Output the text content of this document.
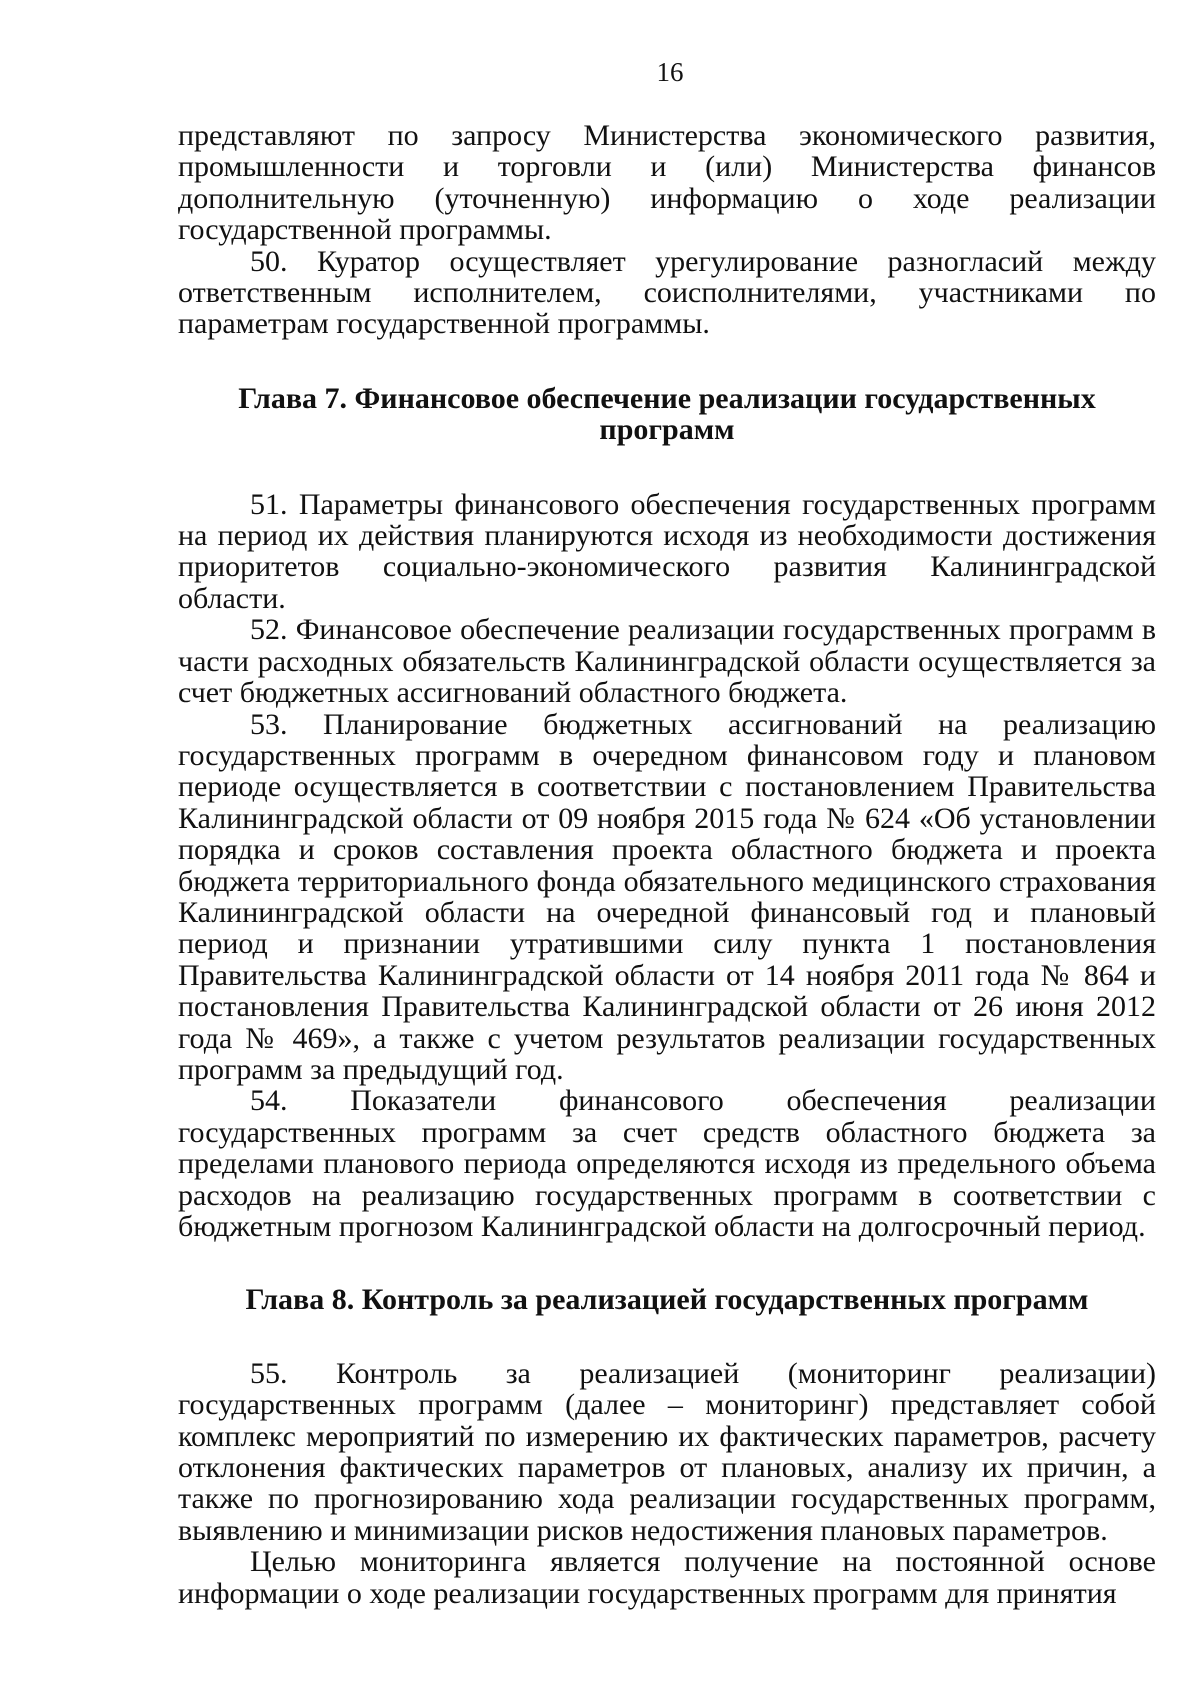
16

представляют по запросу Министерства экономического развития, промышленности и торговли и (или) Министерства финансов дополнительную (уточненную) информацию о ходе реализации государственной программы.

50. Куратор осуществляет урегулирование разногласий между ответственным исполнителем, соисполнителями, участниками по параметрам государственной программы.

Глава 7. Финансовое обеспечение реализации государственных программ

51. Параметры финансового обеспечения государственных программ на период их действия планируются исходя из необходимости достижения приоритетов социально-экономического развития Калининградской области.

52. Финансовое обеспечение реализации государственных программ в части расходных обязательств Калининградской области осуществляется за счет бюджетных ассигнований областного бюджета.

53. Планирование бюджетных ассигнований на реализацию государственных программ в очередном финансовом году и плановом периоде осуществляется в соответствии с постановлением Правительства Калининградской области от 09 ноября 2015 года № 624 «Об установлении порядка и сроков составления проекта областного бюджета и проекта бюджета территориального фонда обязательного медицинского страхования Калининградской области на очередной финансовый год и плановый период и признании утратившими силу пункта 1 постановления Правительства Калининградской области от 14 ноября 2011 года № 864 и постановления Правительства Калининградской области от 26 июня 2012 года № 469», а также с учетом результатов реализации государственных программ за предыдущий год.

54. Показатели финансового обеспечения реализации государственных программ за счет средств областного бюджета за пределами планового периода определяются исходя из предельного объема расходов на реализацию государственных программ в соответствии с бюджетным прогнозом Калининградской области на долгосрочный период.

Глава 8. Контроль за реализацией государственных программ

55. Контроль за реализацией (мониторинг реализации) государственных программ (далее – мониторинг) представляет собой комплекс мероприятий по измерению их фактических параметров, расчету отклонения фактических параметров от плановых, анализу их причин, а также по прогнозированию хода реализации государственных программ, выявлению и минимизации рисков недостижения плановых параметров.

Целью мониторинга является получение на постоянной основе информации о ходе реализации государственных программ для принятия
